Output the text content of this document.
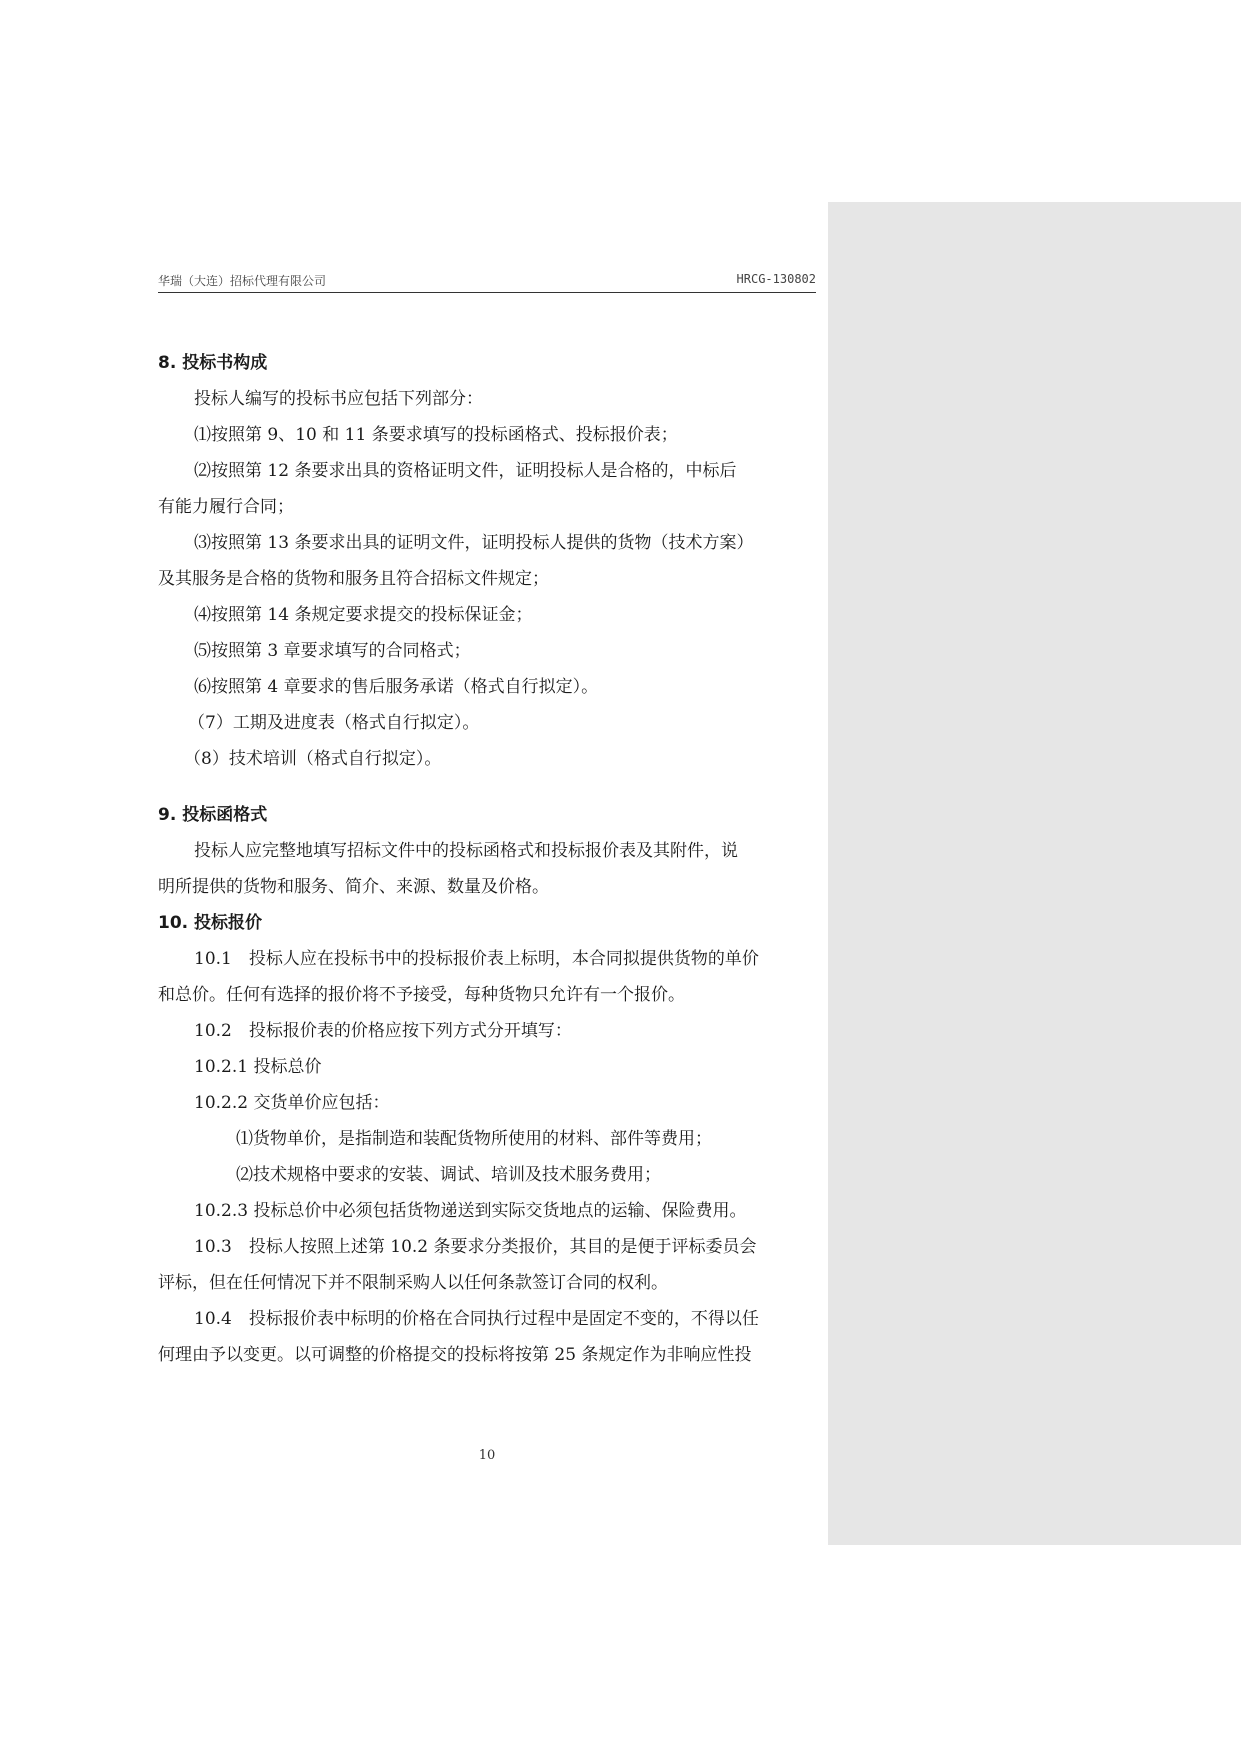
华瑞（大连）招标代理有限公司	HRCG-130802

8. 投标书构成

投标人编写的投标书应包括下列部分：

⑴按照第 9、10 和 11 条要求填写的投标函格式、投标报价表；

⑵按照第 12 条要求出具的资格证明文件，证明投标人是合格的，中标后

有能力履行合同；

⑶按照第 13 条要求出具的证明文件，证明投标人提供的货物（技术方案）

及其服务是合格的货物和服务且符合招标文件规定；

⑷按照第 14 条规定要求提交的投标保证金；

⑸按照第 3 章要求填写的合同格式；

⑹按照第 4 章要求的售后服务承诺（格式自行拟定）。

（7）工期及进度表（格式自行拟定）。

（8）技术培训（格式自行拟定）。

9. 投标函格式

投标人应完整地填写招标文件中的投标函格式和投标报价表及其附件，说

明所提供的货物和服务、简介、来源、数量及价格。

10. 投标报价

10.1　投标人应在投标书中的投标报价表上标明，本合同拟提供货物的单价

和总价。任何有选择的报价将不予接受，每种货物只允许有一个报价。

10.2　投标报价表的价格应按下列方式分开填写：

10.2.1 投标总价

10.2.2 交货单价应包括：

⑴货物单价，是指制造和装配货物所使用的材料、部件等费用；

⑵技术规格中要求的安装、调试、培训及技术服务费用；

10.2.3 投标总价中必须包括货物递送到实际交货地点的运输、保险费用。

10.3　投标人按照上述第 10.2 条要求分类报价，其目的是便于评标委员会

评标，但在任何情况下并不限制采购人以任何条款签订合同的权利。

10.4　投标报价表中标明的价格在合同执行过程中是固定不变的，不得以任

何理由予以变更。以可调整的价格提交的投标将按第 25 条规定作为非响应性投

10
